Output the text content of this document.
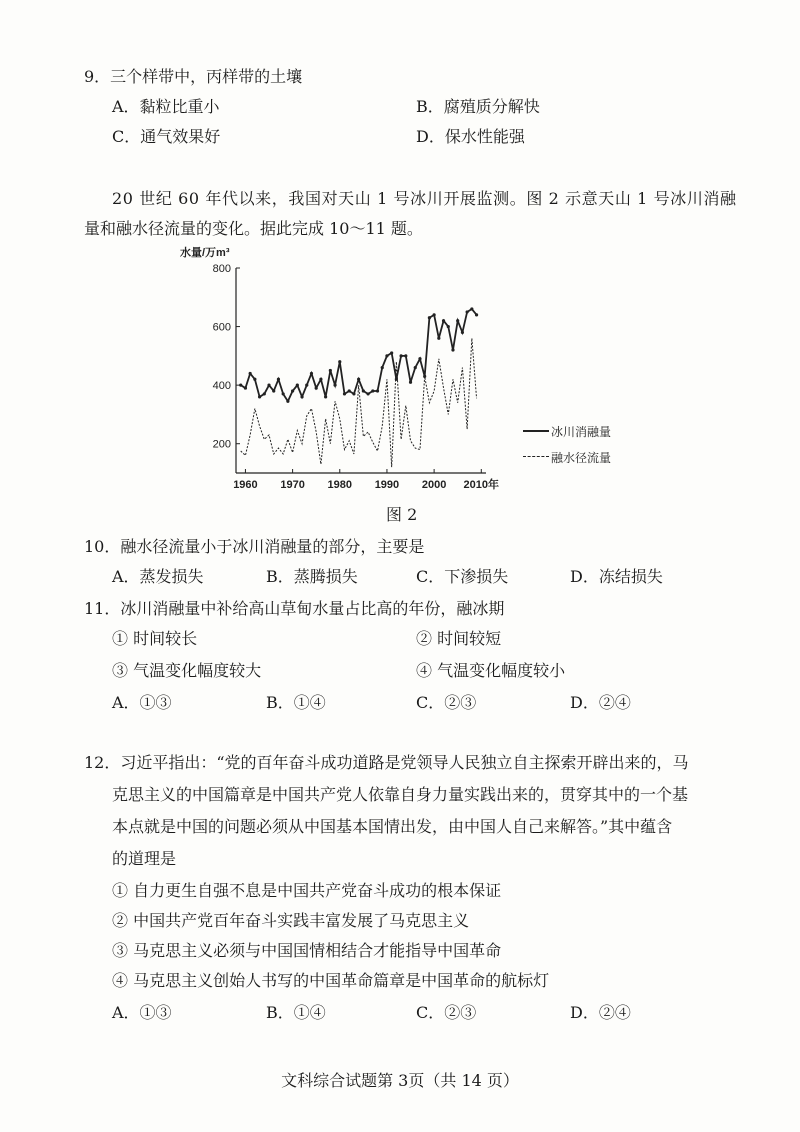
9．三个样带中，丙样带的土壤
A．黏粒比重小	B．腐殖质分解快
C．通气效果好	D．保水性能强
20 世纪 60 年代以来，我国对天山 1 号冰川开展监测。图 2 示意天山 1 号冰川消融
量和融水径流量的变化。据此完成 10～11 题。
200
400
600
800
1960 1970 1980 1990 2000 2010年
水量/万m³
图 2
10．融水径流量小于冰川消融量的部分，主要是
A．蒸发损失	B．蒸腾损失	C．下渗损失	D．冻结损失
11．冰川消融量中补给高山草甸水量占比高的年份，融冰期
① 时间较长	② 时间较短
③ 气温变化幅度较大	④ 气温变化幅度较小
A．①③	B．①④	C．②③	D．②④
12．习近平指出：“党的百年奋斗成功道路是党领导人民独立自主探索开辟出来的，马
克思主义的中国篇章是中国共产党人依靠自身力量实践出来的，贯穿其中的一个基
本点就是中国的问题必须从中国基本国情出发，由中国人自己来解答。”其中蕴含
的道理是
① 自力更生自强不息是中国共产党奋斗成功的根本保证
② 中国共产党百年奋斗实践丰富发展了马克思主义
③ 马克思主义必须与中国国情相结合才能指导中国革命
④ 马克思主义创始人书写的中国革命篇章是中国革命的航标灯
A．①③	B．①④	C．②③	D．②④
文科综合试题第 3页（共 14 页）
冰川消融量
融水径流量
